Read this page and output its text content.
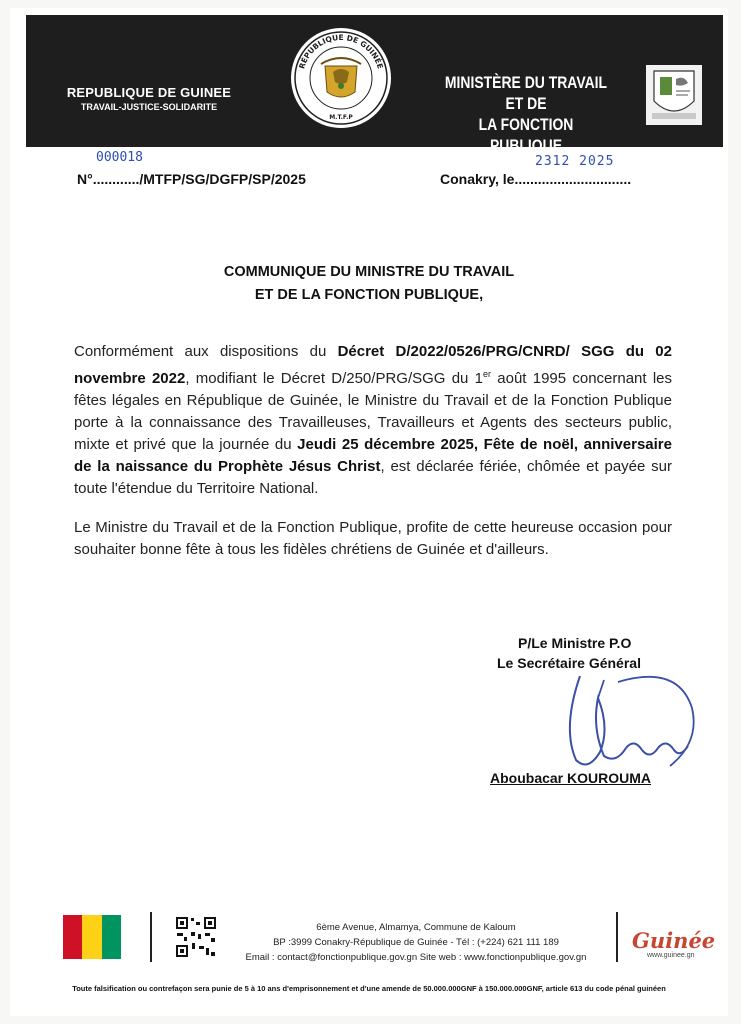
REPUBLIQUE DE GUINEE
TRAVAIL-JUSTICE-SOLIDARITE
RÉPUBLIQUE DE GUINÉE
M.T.F.P
MINISTÈRE DU TRAVAIL ET DE
LA FONCTION PUBLIQUE
000018
N°............/MTFP/SG/DGFP/SP/2025	Conakry, le..............................
2312 2025
COMMUNIQUE DU MINISTRE DU TRAVAIL
ET DE LA FONCTION PUBLIQUE,
Conformément aux dispositions du Décret D/2022/0526/PRG/CNRD/ SGG du 02 novembre 2022, modifiant le Décret D/250/PRG/SGG du 1er août 1995 concernant les fêtes légales en République de Guinée, le Ministre du Travail et de la Fonction Publique porte à la connaissance des Travailleuses, Travailleurs et Agents des secteurs public, mixte et privé que la journée du Jeudi 25 décembre 2025, Fête de noël, anniversaire de la naissance du Prophète Jésus Christ, est déclarée fériée, chômée et payée sur toute l'étendue du Territoire National.
Le Ministre du Travail et de la Fonction Publique, profite de cette heureuse occasion pour souhaiter bonne fête à tous les fidèles chrétiens de Guinée et d'ailleurs.
P/Le Ministre P.O
Le Secrétaire Général
Aboubacar KOUROUMA
6ème Avenue, Almamya, Commune de Kaloum
BP :3999 Conakry-République de Guinée - Tél : (+224) 621 111 189
Email : contact@fonctionpublique.gov.gn Site web : www.fonctionpublique.gov.gn
Guinée
www.guinee.gn
Toute falsification ou contrefaçon sera punie de 5 à 10 ans d'emprisonnement et d'une amende de 50.000.000GNF à 150.000.000GNF, article 613 du code pénal guinéen
